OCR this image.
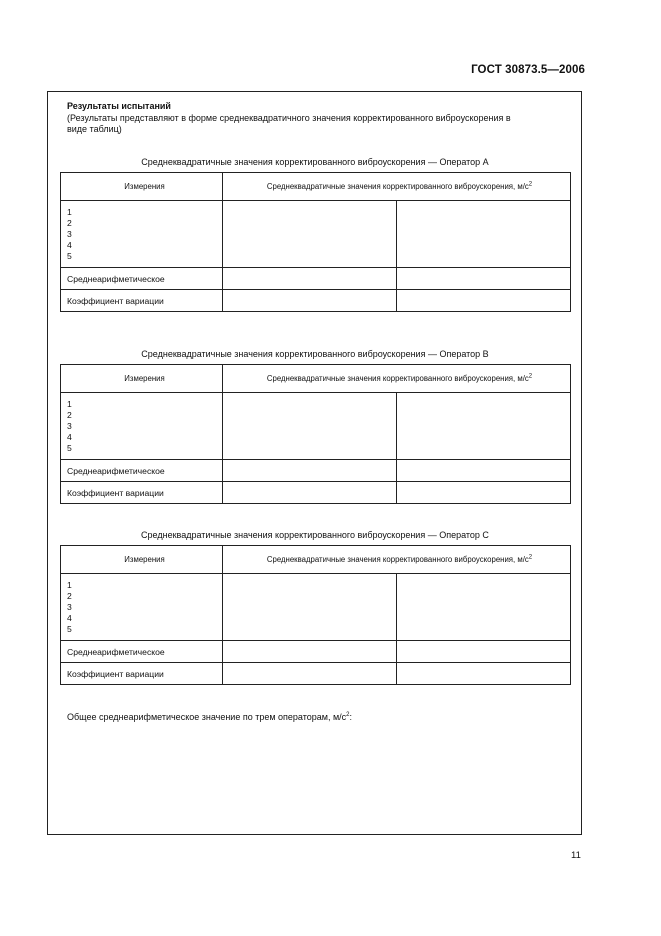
ГОСТ 30873.5—2006
Результаты испытаний
(Результаты представляют в форме среднеквадратичного значения корректированного виброускорения в
виде таблиц)
Среднеквадратичные значения корректированного виброускорения — Оператор A
Измерения	Среднеквадратичные значения корректированного виброускорения, $м/с^2$

1
2
3
4
5		

Среднеарифметическое		
Коэффициент вариации		
Среднеквадратичные значения корректированного виброускорения — Оператор B
Измерения	Среднеквадратичные значения корректированного виброускорения, $м/с^2$

1
2
3
4
5		

Среднеарифметическое		
Коэффициент вариации		
Среднеквадратичные значения корректированного виброускорения — Оператор C
Измерения	Среднеквадратичные значения корректированного виброускорения, $м/с^2$

1
2
3
4
5		

Среднеарифметическое		
Коэффициент вариации		
Общее среднеарифметическое значение по трем операторам, $м/с^2$:
11
